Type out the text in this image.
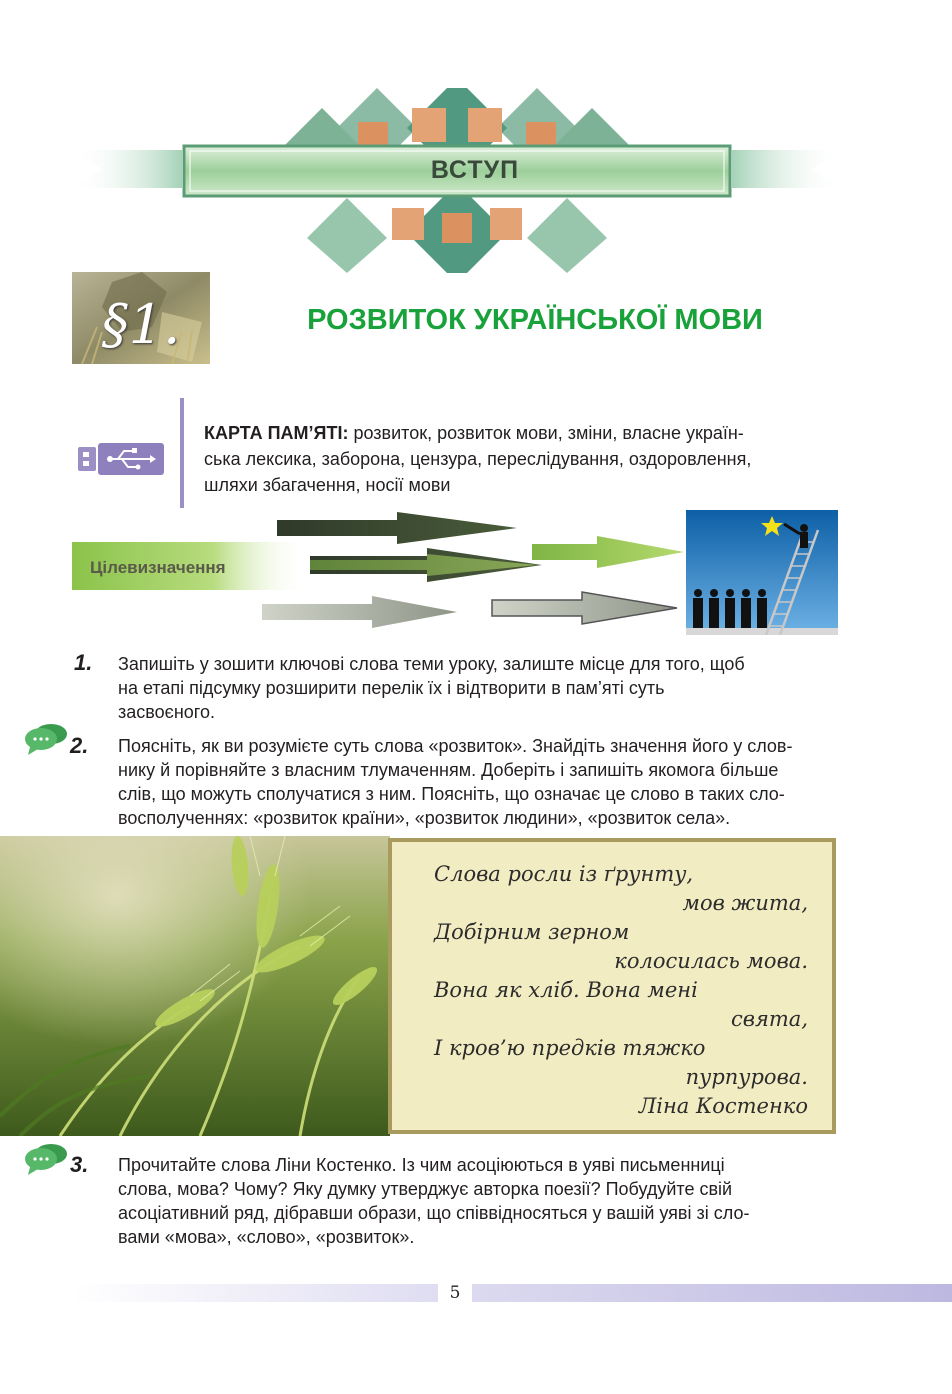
ВСТУП
§1.	РОЗВИТОК УКРАЇНСЬКОЇ МОВИ
КАРТА ПАМ’ЯТІ: розвиток, розвиток мови, зміни, власне україн-
ська лексика, заборона, цензура, переслідування, оздоровлення,
шляхи збагачення, носії мови
Цілевизначення
1. Запишіть у зошити ключові слова теми уроку, залиште місце для того, щоб
на етапі підсумку розширити перелік їх і відтворити в пам’яті суть
засвоєного.
2. Поясніть, як ви розумієте суть слова «розвиток». Знайдіть значення його у слов-
нику й порівняйте з власним тлумаченням. Доберіть і запишіть якомога більше
слів, що можуть сполучатися з ним. Поясніть, що означає це слово в таких сло-
восполученнях: «розвиток країни», «розвиток людини», «розвиток села».
Слова росли із ґрунту,
мов жита,
Добірним зерном
колосилась мова.
Вона як хліб. Вона мені
свята,
І кров’ю предків тяжко
пурпурова.
Ліна Костенко
3. Прочитайте слова Ліни Костенко. Із чим асоціюються в уяві письменниці
слова, мова? Чому? Яку думку утверджує авторка поезії? Побудуйте свій
асоціативний ряд, дібравши образи, що співвідносяться у вашій уяві зі сло-
вами «мова», «слово», «розвиток».
5
